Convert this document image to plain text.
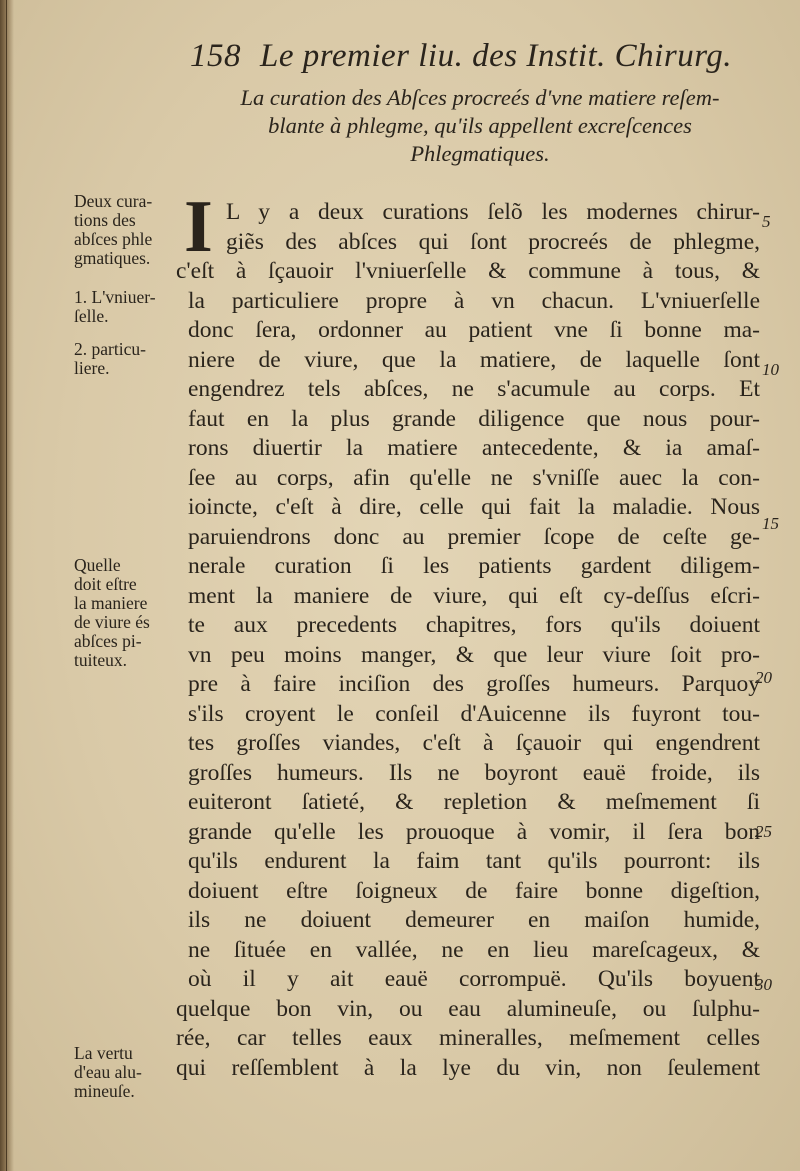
158 Le premier liu. des Instit. Chirurg.
La curation des Abſces procreés d'vne matiere reſem-
blante à phlegme, qu'ils appellent excreſcences
Phlegmatiques.
Deux cura-
tions des
abſces phle
gmatiques.
1. L'vniuer-
ſelle.
2. particu-
liere.
Quelle
doit eſtre
la maniere
de viure és
abſces pi-
tuiteux.
La vertu
d'eau alu-
mineuſe.
I L y a deux curations ſelõ les modernes chirur-
giẽs des abſces qui ſont procreés de phlegme,
c'eſt à ſçauoir l'vniuerſelle & commune à tous, &
la particuliere propre à vn chacun. L'vniuerſelle
donc ſera, ordonner au patient vne ſi bonne ma-
niere de viure, que la matiere, de laquelle ſont
engendrez tels abſces, ne s'acumule au corps. Et
faut en la plus grande diligence que nous pour-
rons diuertir la matiere antecedente, & ia amaſ-
ſee au corps, afin qu'elle ne s'vniſſe auec la con-
ioincte, c'eſt à dire, celle qui fait la maladie. Nous
paruiendrons donc au premier ſcope de ceſte ge-
nerale curation ſi les patients gardent diligem-
ment la maniere de viure, qui eſt cy-deſſus eſcri-
te aux precedents chapitres, fors qu'ils doiuent
vn peu moins manger, & que leur viure ſoit pro-
pre à faire inciſion des groſſes humeurs. Parquoy
s'ils croyent le conſeil d'Auicenne ils fuyront tou-
tes groſſes viandes, c'eſt à ſçauoir qui engendrent
groſſes humeurs. Ils ne boyront eauë froide, ils
euiteront ſatieté, & repletion & meſmement ſi
grande qu'elle les prouoque à vomir, il ſera bon
qu'ils endurent la faim tant qu'ils pourront: ils
doiuent eſtre ſoigneux de faire bonne digeſtion,
ils ne doiuent demeurer en maiſon humide,
ne ſituée en vallée, ne en lieu mareſcageux, &
où il y ait eauë corrompuë. Qu'ils boyuent
quelque bon vin, ou eau alumineuſe, ou ſulphu-
rée, car telles eaux mineralles, meſmement celles
qui reſſemblent à la lye du vin, non ſeulement
5
10
15
20
25
30
